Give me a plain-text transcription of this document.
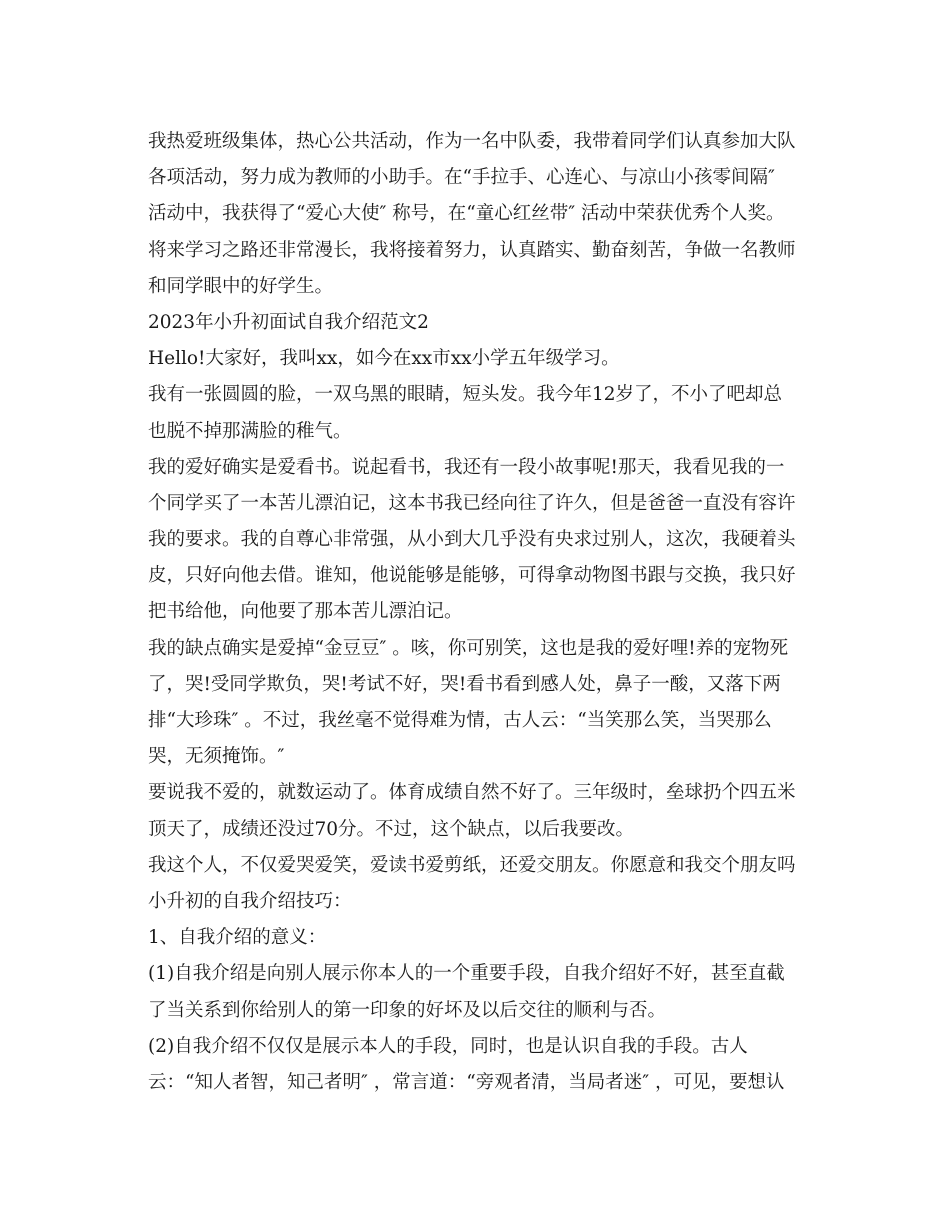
我热爱班级集体，热心公共活动，作为一名中队委，我带着同学们认真参加大队
各项活动，努力成为教师的小助手。在“手拉手、心连心、与凉山小孩零间隔″
活动中，我获得了“爱心大使″ 称号，在“童心红丝带″ 活动中荣获优秀个人奖。
将来学习之路还非常漫长，我将接着努力，认真踏实、勤奋刻苦，争做一名教师
和同学眼中的好学生。
2023年小升初面试自我介绍范文2
Hello!大家好，我叫xx，如今在xx市xx小学五年级学习。
我有一张圆圆的脸，一双乌黑的眼睛，短头发。我今年12岁了，不小了吧却总
也脱不掉那满脸的稚气。
我的爱好确实是爱看书。说起看书，我还有一段小故事呢!那天，我看见我的一
个同学买了一本苦儿漂泊记，这本书我已经向往了许久，但是爸爸一直没有容许
我的要求。我的自尊心非常强，从小到大几乎没有央求过别人，这次，我硬着头
皮，只好向他去借。谁知，他说能够是能够，可得拿动物图书跟与交换，我只好
把书给他，向他要了那本苦儿漂泊记。
我的缺点确实是爱掉“金豆豆″ 。咳，你可别笑，这也是我的爱好哩!养的宠物死
了，哭!受同学欺负，哭!考试不好，哭!看书看到感人处，鼻子一酸，又落下两
排“大珍珠″ 。不过，我丝毫不觉得难为情，古人云：“当笑那么笑，当哭那么
哭，无须掩饰。″
要说我不爱的，就数运动了。体育成绩自然不好了。三年级时，垒球扔个四五米
顶天了，成绩还没过70分。不过，这个缺点，以后我要改。
我这个人，不仅爱哭爱笑，爱读书爱剪纸，还爱交朋友。你愿意和我交个朋友吗
小升初的自我介绍技巧：
1、自我介绍的意义：
(1)自我介绍是向别人展示你本人的一个重要手段，自我介绍好不好，甚至直截
了当关系到你给别人的第一印象的好坏及以后交往的顺利与否。
(2)自我介绍不仅仅是展示本人的手段，同时，也是认识自我的手段。古人
云：“知人者智，知己者明″ ，常言道：“旁观者清，当局者迷″ ，可见，要想认
